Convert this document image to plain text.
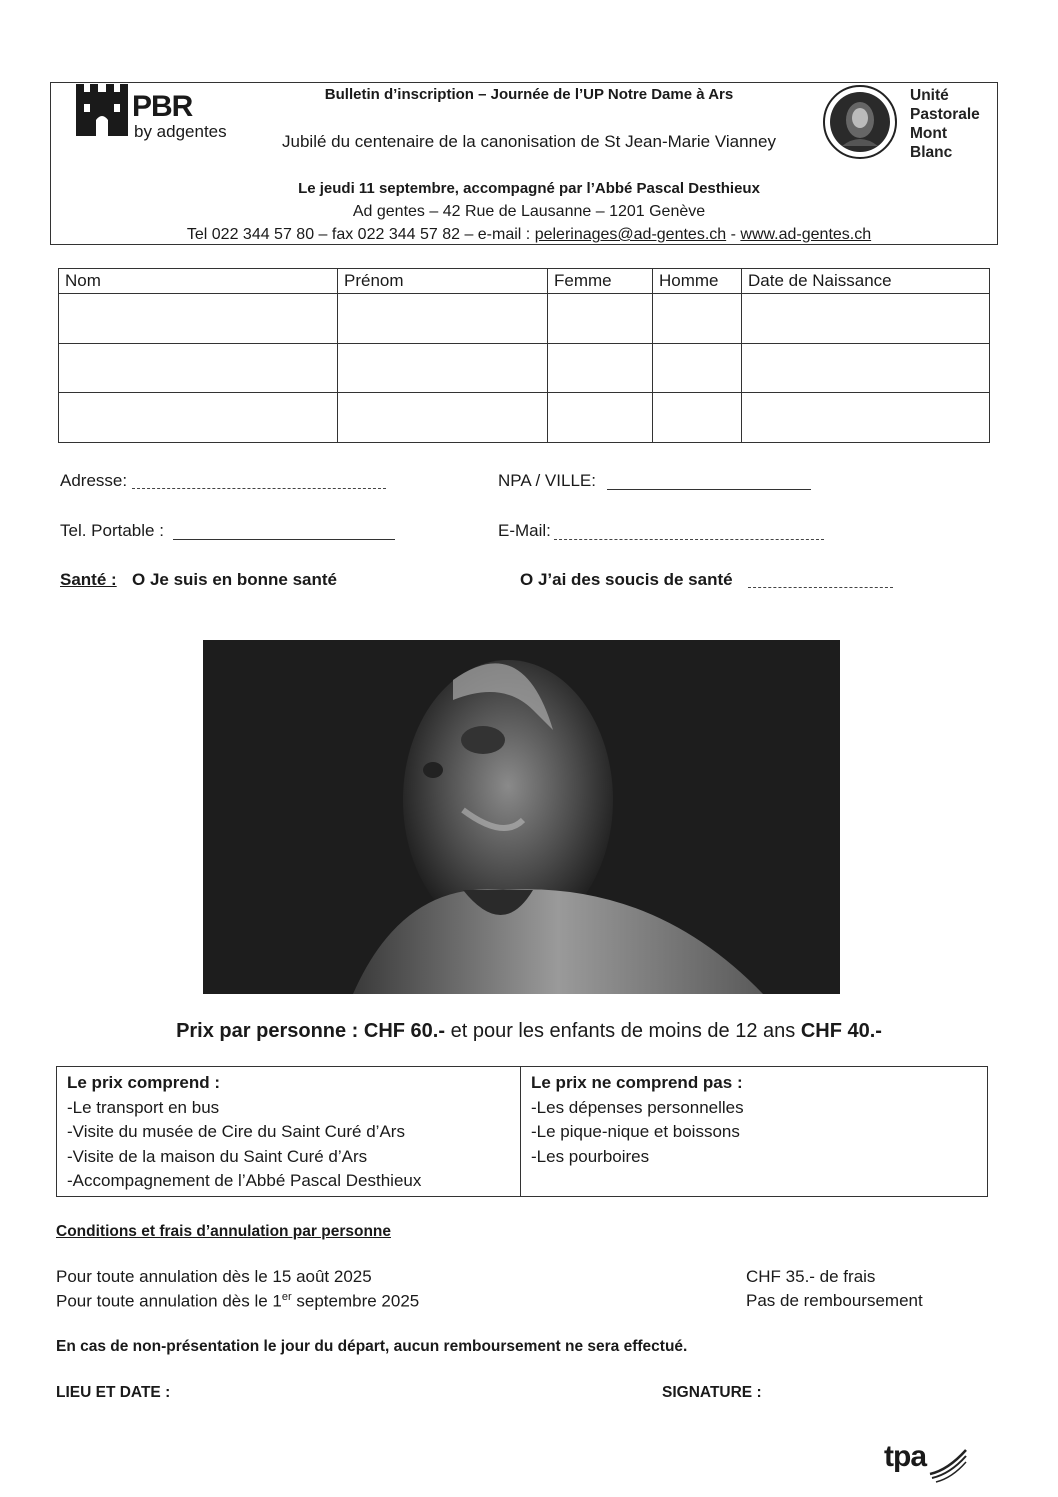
PBR
by adgentes
Bulletin d’inscription – Journée de l’UP Notre Dame à Ars
Jubilé du centenaire de la canonisation de St Jean-Marie Vianney
Le jeudi 11 septembre, accompagné par l’Abbé Pascal Desthieux
Ad gentes – 42 Rue de Lausanne – 1201 Genève
Tel 022 344 57 80 – fax 022 344 57 82 – e-mail : pelerinages@ad-gentes.ch - www.ad-gentes.ch
Unité
Pastorale
Mont
Blanc
Nom	Prénom	Femme	Homme	Date de Naissance

Adresse:	NPA / VILLE:
Tel. Portable :	E-Mail:
Santé : O Je suis en bonne santé	O J’ai des soucis de santé
Prix par personne : CHF 60.- et pour les enfants de moins de 12 ans CHF 40.-
Le prix comprend :
-Le transport en bus
-Visite du musée de Cire du Saint Curé d’Ars
-Visite de la maison du Saint Curé d’Ars
-Accompagnement de l’Abbé Pascal Desthieux
Le prix ne comprend pas :
-Les dépenses personnelles
-Le pique-nique et boissons
-Les pourboires
Conditions et frais d’annulation par personne
Pour toute annulation dès le 15 août 2025	CHF 35.- de frais
Pour toute annulation dès le 1er septembre 2025	Pas de remboursement
En cas de non-présentation le jour du départ, aucun remboursement ne sera effectué.
LIEU ET DATE :	SIGNATURE :
tpa
